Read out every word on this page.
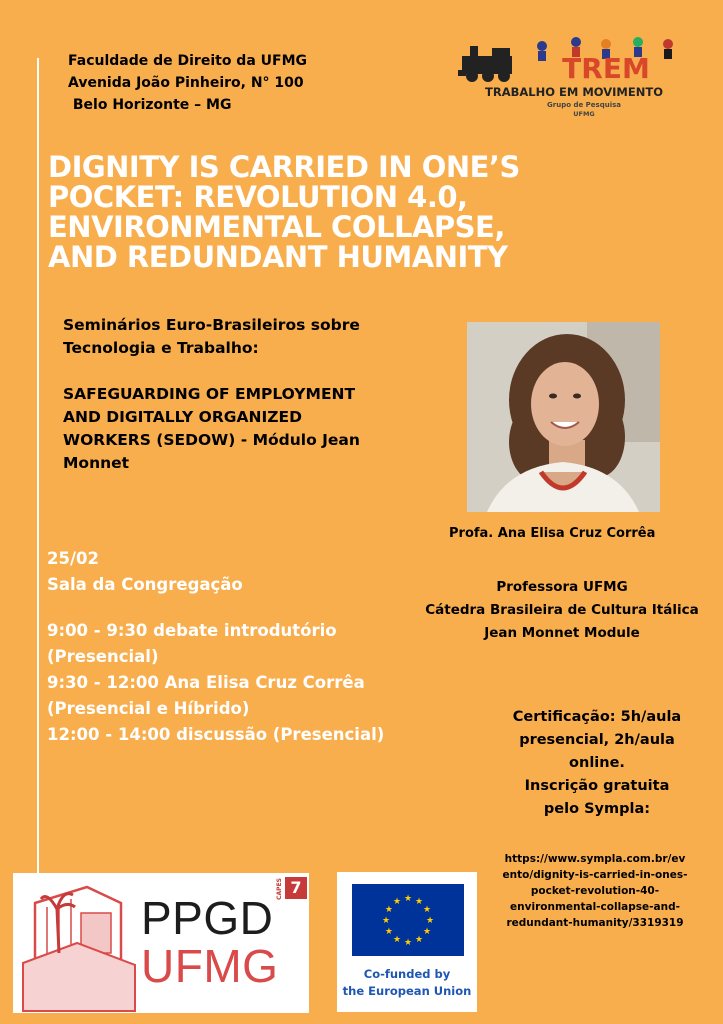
Faculdade de Direito da UFMG
Avenida João Pinheiro, N° 100
Belo Horizonte – MG
TREM
TRABALHO EM MOVIMENTO
Grupo de Pesquisa
UFMG
DIGNITY IS CARRIED IN ONE’S
POCKET: REVOLUTION 4.0,
ENVIRONMENTAL COLLAPSE,
AND REDUNDANT HUMANITY

Seminários Euro-Brasileiros sobre

Tecnologia e Trabalho:

SAFEGUARDING OF EMPLOYMENT

AND DIGITALLY ORGANIZED

WORKERS (SEDOW) - Módulo Jean

Monnet

Profa. Ana Elisa Cruz Corrêa
Professora UFMG
Cátedra Brasileira de Cultura Itálica
Jean Monnet Module
25/02
Sala da Congregação
9:00 - 9:30 debate introdutório
(Presencial)
9:30 - 12:00 Ana Elisa Cruz Corrêa
(Presencial e Híbrido)
12:00 - 14:00 discussão (Presencial)
Certificação: 5h/aula
presencial, 2h/aula
online.
Inscrição gratuita
pelo Sympla:
https://www.sympla.com.br/ev
ento/dignity-is-carried-in-ones-
pocket-revolution-40-
environmental-collapse-and-
redundant-humanity/3319319
PPGD
UFMG
CAPES 7
★ ★
★
★
★
★
★
★
★
★
★
★
Co-funded by
the European Union
